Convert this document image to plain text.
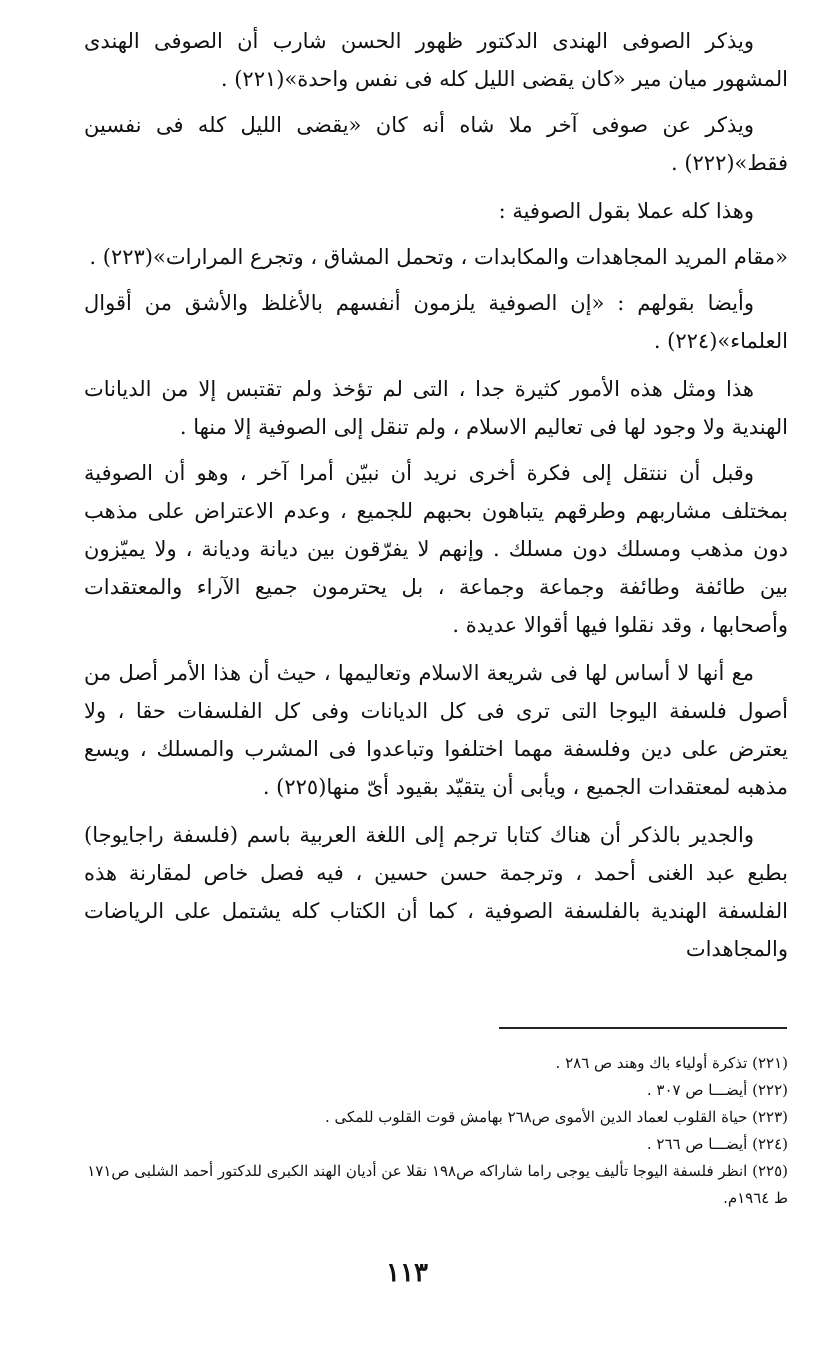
ويذكر الصوفى الهندى الدكتور ظهور الحسن شارب أن الصوفى الهندى المشهور ميان مير «كان يقضى الليل كله فى نفس واحدة»(٢٢١) .

ويذكر عن صوفى آخر ملا شاه أنه كان «يقضى الليل كله فى نفسين فقط»(٢٢٢) .

وهذا كله عملا بقول الصوفية :

«مقام المريد المجاهدات والمكابدات ، وتحمل المشاق ، وتجرع المرارات»(٢٢٣) .

وأيضا بقولهم : «إن الصوفية يلزمون أنفسهم بالأغلظ والأشق من أقوال العلماء»(٢٢٤) .

هذا ومثل هذه الأمور كثيرة جدا ، التى لم تؤخذ ولم تقتبس إلا من الديانات الهندية ولا وجود لها فى تعاليم الاسلام ، ولم تنقل إلى الصوفية إلا منها .

وقبل أن ننتقل إلى فكرة أخرى نريد أن نبيّن أمرا آخر ، وهو أن الصوفية بمختلف مشاربهم وطرقهم يتباهون بحبهم للجميع ، وعدم الاعتراض على مذهب دون مذهب ومسلك دون مسلك . وإنهم لا يفرّقون بين ديانة وديانة ، ولا يميّزون بين طائفة وطائفة وجماعة وجماعة ، بل يحترمون جميع الآراء والمعتقدات وأصحابها ، وقد نقلوا فيها أقوالا عديدة .

مع أنها لا أساس لها فى شريعة الاسلام وتعاليمها ، حيث أن هذا الأمر أصل من أصول فلسفة اليوجا التى ترى فى كل الديانات وفى كل الفلسفات حقا ، ولا يعترض على دين وفلسفة مهما اختلفوا وتباعدوا فى المشرب والمسلك ، ويسع مذهبه لمعتقدات الجميع ، ويأبى أن يتقيّد بقيود أىّ منها(٢٢٥) .

والجدير بالذكر أن هناك كتابا ترجم إلى اللغة العربية باسم (فلسفة راجايوجا) بطبع عبد الغنى أحمد ، وترجمة حسن حسين ، فيه فصل خاص لمقارنة هذه الفلسفة الهندية بالفلسفة الصوفية ، كما أن الكتاب كله يشتمل على الرياضات والمجاهدات

(٢٢١) تذكرة أولياء باك وهند ص ٢٨٦ .

(٢٢٢) أيضـــا ص ٣٠٧ .

(٢٢٣) حياة القلوب لعماد الدين الأموى ص٢٦٨ بهامش قوت القلوب للمكى .

(٢٢٤) أيضـــا ص ٢٦٦ .

(٢٢٥) انظر فلسفة اليوجا تأليف يوجى راما شاراكه ص١٩٨ نقلا عن أديان الهند الكبرى للدكتور أحمد الشلبى ص١٧١ ط ١٩٦٤م.

١١٣
